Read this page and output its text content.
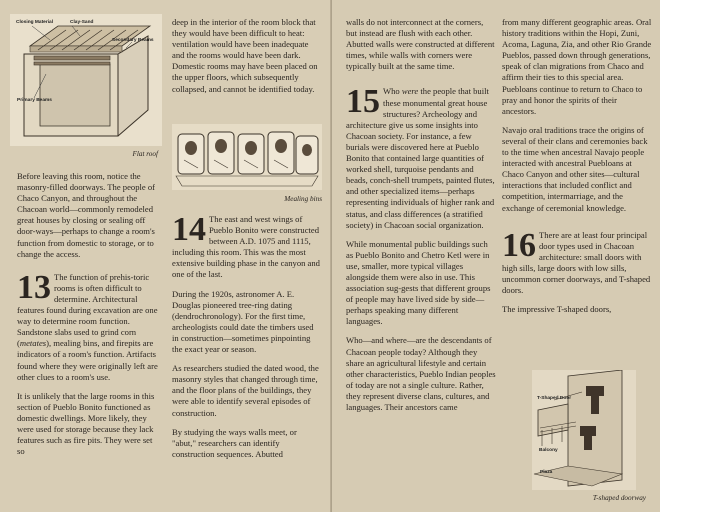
Closing Material	Clay-Sand
Secondary Beams
Primary Beams
Flat roof

Before leaving this room, notice the masonry-filled doorways. The people of Chaco Canyon, and throughout the Chacoan world—commonly remodeled great houses by closing or sealing off door-ways—perhaps to change a room's function from domestic to storage, or to change the access.

13 The function of prehis-toric rooms is often difficult to determine. Architectural features found during excavation are one way to determine room function. Sandstone slabs used to grind corn (metates), mealing bins, and firepits are indicators of a room's function. Artifacts found where they were originally left are other clues to a room's use.

It is unlikely that the large rooms in this section of Pueblo Bonito functioned as domestic dwellings. More likely, they were used for storage because they lack features such as fire pits. They were set so

deep in the interior of the room block that they would have been difficult to heat: ventilation would have been inadequate and the rooms would have been dark. Domestic rooms may have been placed on the upper floors, which subsequently collapsed, and cannot be identified today.

Mealing bins

14 The east and west wings of Pueblo Bonito were constructed between A.D. 1075 and 1115, including this room. This was the most extensive building phase in the canyon and one of the last.

During the 1920s, astronomer A. E. Douglas pioneered tree-ring dating (dendrochronology). For the first time, archeologists could date the timbers used in construction—sometimes pinpointing the exact year or season.

As researchers studied the dated wood, the masonry styles that changed through time, and the floor plans of the buildings, they were able to identify several episodes of construction.

By studying the ways walls meet, or "abut," researchers can identify construction sequences. Abutted

walls do not interconnect at the corners, but instead are flush with each other. Abutted walls were constructed at different times, while walls with corners were typically built at the same time.

15 Who were the people that built these monumental great house structures? Archeology and architecture give us some insights into Chacoan society. For instance, a few burials were discovered here at Pueblo Bonito that contained large quantities of worked shell, turquoise pendants and beads, conch-shell trumpets, painted flutes, and other specialized items—perhaps representing individuals of higher rank and status, and class differences (a stratified society) in Chacoan social organization.

While monumental public buildings such as Pueblo Bonito and Chetro Ketl were in use, smaller, more typical villages alongside them were also in use. This association sug-gests that different groups of people may have lived side by side—perhaps speaking many different languages.

Who—and where—are the descendants of Chacoan people today? Although they share an agricultural lifestyle and certain other characteristics, Pueblo Indian peoples of today are not a single culture. Rather, they represent diverse clans, cultures, and languages. Their ancestors came

from many different geographic areas. Oral history traditions within the Hopi, Zuni, Acoma, Laguna, Zia, and other Rio Grande Pueblos, passed down through generations, speak of clan migrations from Chaco and affirm their ties to this special area. Puebloans continue to return to Chaco to pray and honor the spirits of their ancestors.

Navajo oral traditions trace the origins of several of their clans and ceremonies back to the time when ancestral Navajo people interacted with ancestral Puebloans at Chaco Canyon and other sites—cultural interactions that included conflict and competition, intermarriage, and the exchange of ceremonial knowledge.

16 There are at least four principal door types used in Chacoan architecture: small doors with high sills, large doors with low sills, uncommon corner doorways, and T-shaped doors.

The impressive T-shaped doors,

T-Shaped Door
Balcony
Plaza
T-shaped doorway
